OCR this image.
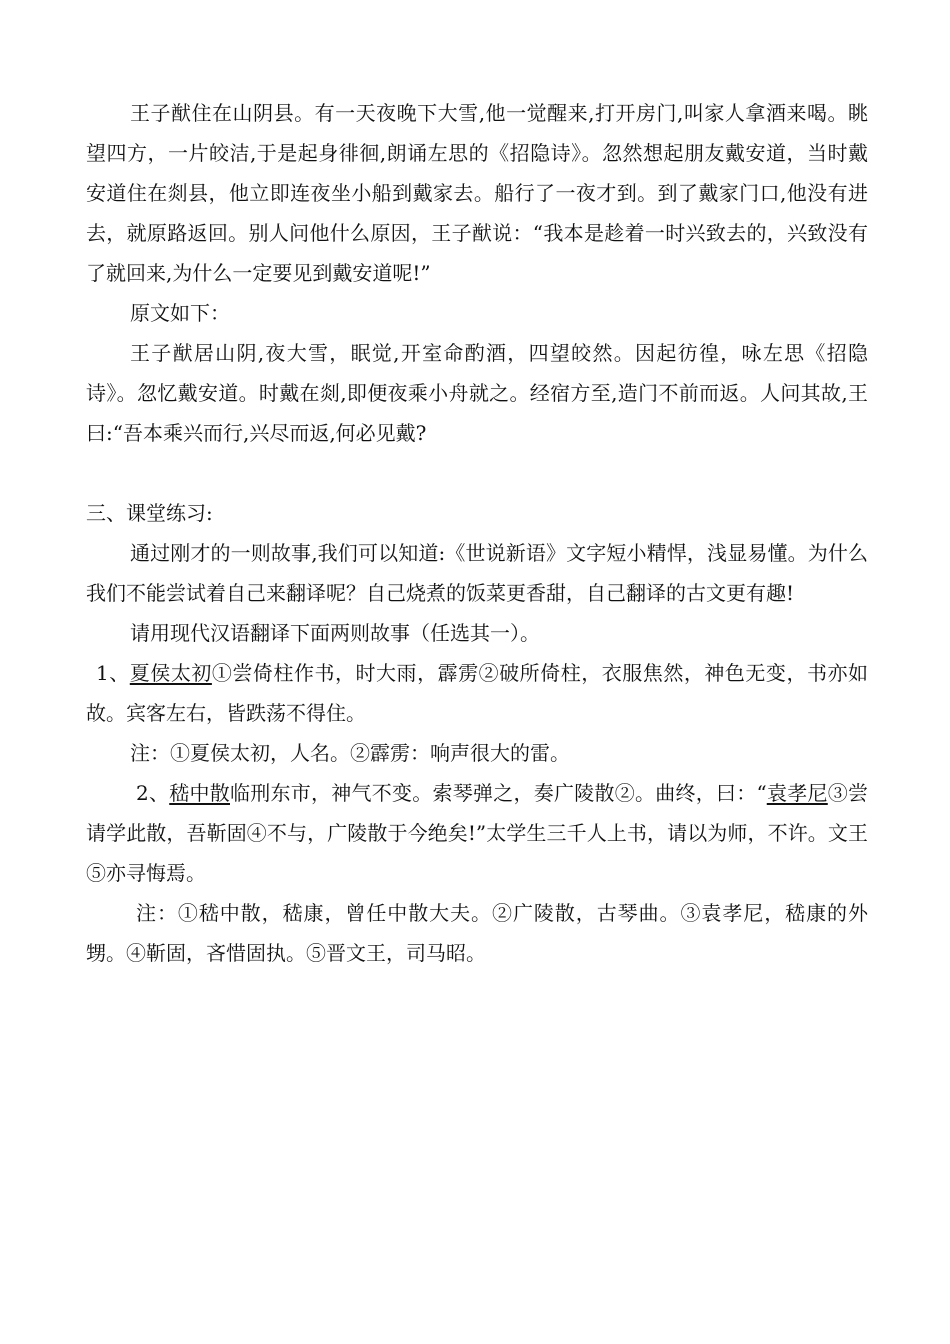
王子猷住在山阴县。有一天夜晚下大雪,他一觉醒来,打开房门,叫家人拿酒来喝。眺望四方，一片皎洁,于是起身徘徊,朗诵左思的《招隐诗》。忽然想起朋友戴安道，当时戴安道住在剡县，他立即连夜坐小船到戴家去。船行了一夜才到。到了戴家门口,他没有进去，就原路返回。别人问他什么原因，王子猷说：“我本是趁着一时兴致去的，兴致没有了就回来,为什么一定要见到戴安道呢!”

原文如下：

王子猷居山阴,夜大雪，眠觉,开室命酌酒，四望皎然。因起彷徨，咏左思《招隐诗》。忽忆戴安道。时戴在剡,即便夜乘小舟就之。经宿方至,造门不前而返。人问其故,王曰:“吾本乘兴而行,兴尽而返,何必见戴?

三、课堂练习:

通过刚才的一则故事,我们可以知道:《世说新语》文字短小精悍，浅显易懂。为什么我们不能尝试着自己来翻译呢？自己烧煮的饭菜更香甜，自己翻译的古文更有趣!

请用现代汉语翻译下面两则故事（任选其一）。

1、夏侯太初①尝倚柱作书，时大雨，霹雳②破所倚柱，衣服焦然，神色无变，书亦如故。宾客左右，皆跌荡不得住。

注：①夏侯太初，人名。②霹雳：响声很大的雷。

2、嵇中散临刑东市，神气不变。索琴弹之，奏广陵散②。曲终，曰：“袁孝尼③尝请学此散，吾靳固④不与，广陵散于今绝矣!”太学生三千人上书，请以为师，不许。文王⑤亦寻悔焉。

注：①嵇中散，嵇康，曾任中散大夫。②广陵散，古琴曲。③袁孝尼，嵇康的外甥。④靳固，吝惜固执。⑤晋文王，司马昭。
